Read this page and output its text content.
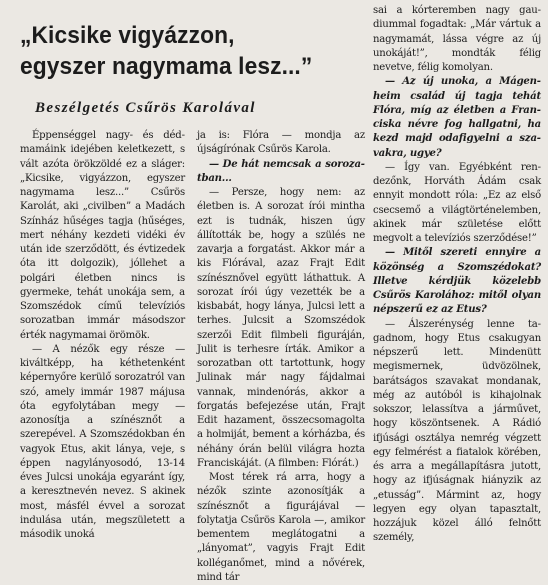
„Kicsike vigyázzon,
egyszer nagymama lesz...”
Beszélgetés Csűrös Karolával

Éppenséggel nagy- és dédmamáink idejében keletkezett, s vált azóta örökzöldé ez a sláger: „Kicsike, vigyázzon, egyszer nagymama lesz...” Csűrös Karolát, aki „civilben” a Madách Színház hűséges tagja (hűséges, mert néhány kezdeti vidéki év után ide szerződött, és évtizedek óta itt dolgozik), jóllehet a polgári életben nincs is gyermeke, tehát unokája sem, a Szomszédok című televíziós sorozatban immár másodszor érték nagymamai örömök.

— A nézők egy része — kiváltképp, ha kéthetenként képernyőre kerülő sorozatról van szó, amely immár 1987 májusa óta egyfolytában megy — azonosítja a színésznőt a szerepével. A Szomszédokban én vagyok Etus, akit lánya, veje, s éppen nagylányosodó, 13-14 éves Julcsi unokája egyaránt így, a keresztnevén nevez. S akinek most, másfél évvel a sorozat indulása után, megszületett a második unoká

ja is: Flóra — mondja az újságírónak Csűrös Karola.

— De hát nemcsak a sorozatban...

— Persze, hogy nem: az életben is. A sorozat írói mintha ezt is tudnák, hiszen úgy állították be, hogy a szülés ne zavarja a forgatást. Akkor már a kis Flórával, azaz Frajt Edit színésznővel együtt láthattuk. A sorozat írói úgy vezették be a kisbabát, hogy lánya, Julcsi lett a terhes. Julcsit a Szomszédok szerzői Edit filmbeli figuráján, Julit is terhesre írták. Amikor a sorozatban ott tartottunk, hogy Julinak már nagy fájdalmai vannak, mindenórás, akkor a forgatás befejezése után, Frajt Edit hazament, összecsomagolta a holmiját, bement a kórházba, és néhány órán belül világra hozta Franciskáját. (A filmben: Flórát.)

Most térek rá arra, hogy a nézők szinte azonosítják a színésznőt a figurájával — folytatja Csűrös Karola —, amikor bementem meglátogatni a „lányomat”, vagyis Frajt Edit kolléganőmet, mind a nővérek, mind tár

sai a kórteremben nagy gaudiummal fogadtak: „Már vártuk a nagymamát, lássa végre az új unokáját!”, mondták félig nevetve, félig komolyan.

— Az új unoka, a Mágenheim család új tagja tehát Flóra, míg az életben a Franciska névre fog hallgatni, ha kezd majd odafigyelni a szavakra, ugye?

— Így van. Egyébként rendezőnk, Horváth Ádám csak ennyit mondott róla: „Ez az első csecsemő a világtörténelemben, akinek már születése előtt megvolt a televíziós szerződése!”

— Mitől szereti ennyire a közönség a Szomszédokat? Illetve kérdjük közelebb Csűrös Karolához: mitől olyan népszerű ez az Etus?

— Álszerénység lenne tagadnom, hogy Etus csakugyan népszerű lett. Mindenütt megismernek, üdvözölnek, barátságos szavakat mondanak, még az autóból is kihajolnak sokszor, lelassítva a járművet, hogy köszöntsenek. A Rádió ifjúsági osztálya nemrég végzett egy felmérést a fiatalok körében, és arra a megállapításra jutott, hogy az ifjúságnak hiányzik az „etusság”. Mármint az, hogy legyen egy olyan tapasztalt, hozzájuk közel álló felnőtt személy,
